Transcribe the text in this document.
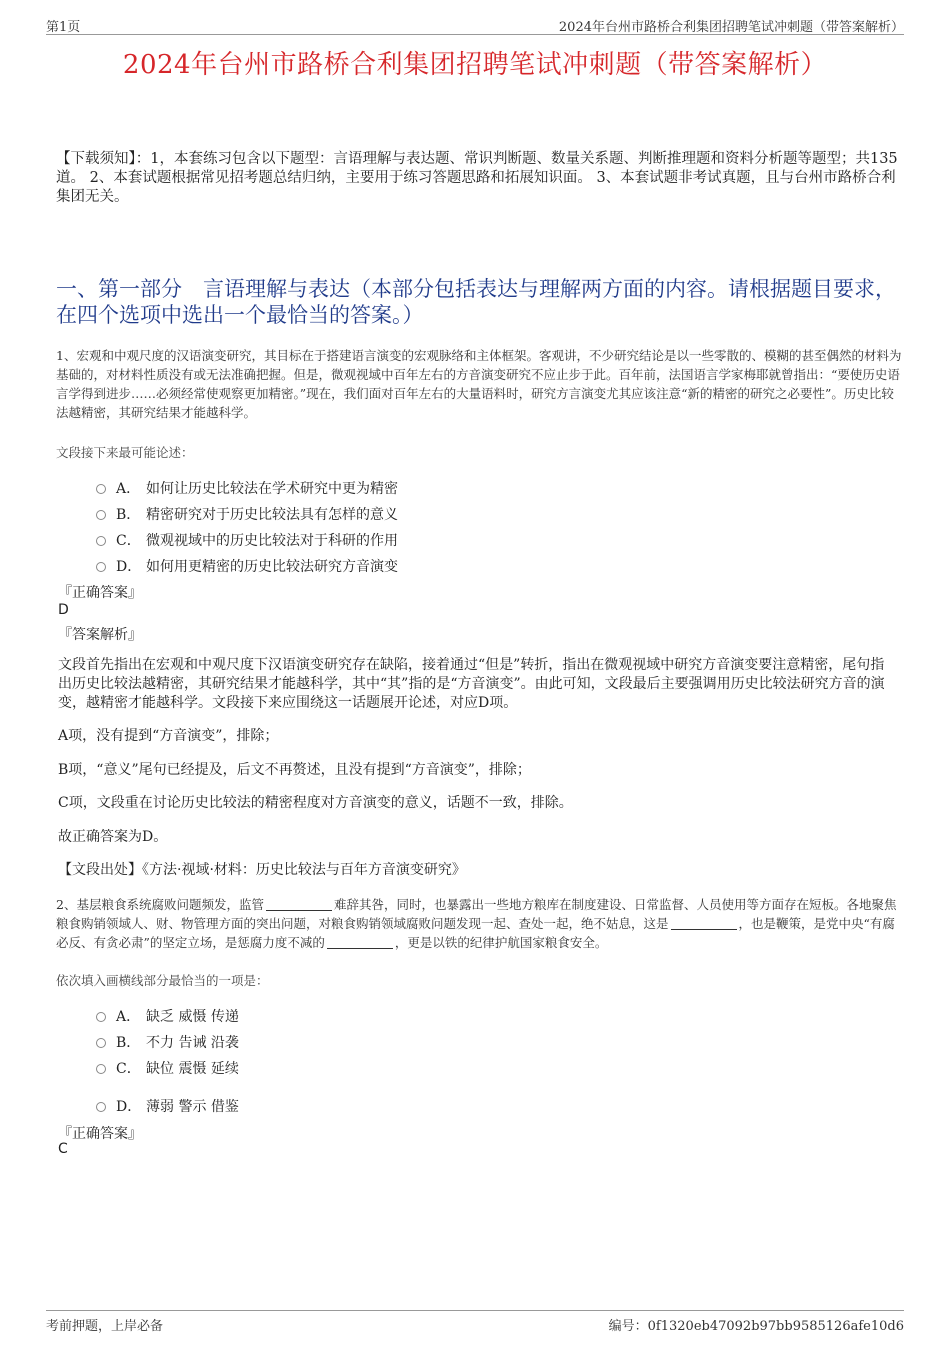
第1页	2024年台州市路桥合利集团招聘笔试冲刺题（带答案解析）
2024年台州市路桥合利集团招聘笔试冲刺题（带答案解析）
【下载须知】：1，本套练习包含以下题型：言语理解与表达题、常识判断题、数量关系题、判断推理题和资料分析题等题型；共135道。 2、本套试题根据常见招考题总结归纳，主要用于练习答题思路和拓展知识面。 3、本套试题非考试真题，且与台州市路桥合利集团无关。
一、第一部分　言语理解与表达（本部分包括表达与理解两方面的内容。请根据题目要求，在四个选项中选出一个最恰当的答案。）
1、宏观和中观尺度的汉语演变研究，其目标在于搭建语言演变的宏观脉络和主体框架。客观讲，不少研究结论是以一些零散的、模糊的甚至偶然的材料为基础的，对材料性质没有或无法准确把握。但是，微观视域中百年左右的方音演变研究不应止步于此。百年前，法国语言学家梅耶就曾指出：“要使历史语言学得到进步……必须经常使观察更加精密。”现在，我们面对百年左右的大量语料时，研究方言演变尤其应该注意“新的精密的研究之必要性”。历史比较法越精密，其研究结果才能越科学。
文段接下来最可能论述：
A． 如何让历史比较法在学术研究中更为精密
B． 精密研究对于历史比较法具有怎样的意义
C． 微观视域中的历史比较法对于科研的作用
D． 如何用更精密的历史比较法研究方音演变
『正确答案』
D
『答案解析』
文段首先指出在宏观和中观尺度下汉语演变研究存在缺陷，接着通过“但是”转折，指出在微观视域中研究方音演变要注意精密，尾句指出历史比较法越精密，其研究结果才能越科学，其中“其”指的是“方音演变”。由此可知，文段最后主要强调用历史比较法研究方音的演变，越精密才能越科学。文段接下来应围绕这一话题展开论述，对应D项。
A项，没有提到“方音演变”，排除；
B项，“意义”尾句已经提及，后文不再赘述，且没有提到“方音演变”，排除；
C项，文段重在讨论历史比较法的精密程度对方音演变的意义，话题不一致，排除。
故正确答案为D。
【文段出处】《方法·视域·材料：历史比较法与百年方音演变研究》
2、基层粮食系统腐败问题频发，监管	难辞其咎，同时，也暴露出一些地方粮库在制度建设、日常监督、人员使用等方面存在短板。各地聚焦粮食购销领域人、财、物管理方面的突出问题，对粮食购销领域腐败问题发现一起、查处一起，绝不姑息，这是	，也是鞭策，是党中央“有腐必反、有贪必肃”的坚定立场，是惩腐力度不减的	，更是以铁的纪律护航国家粮食安全。
依次填入画横线部分最恰当的一项是：
A． 缺乏 威慑 传递
B． 不力 告诫 沿袭
C． 缺位 震慑 延续
D． 薄弱 警示 借鉴
『正确答案』
C
考前押题，上岸必备	编号：0f1320eb47092b97bb9585126afe10d6
